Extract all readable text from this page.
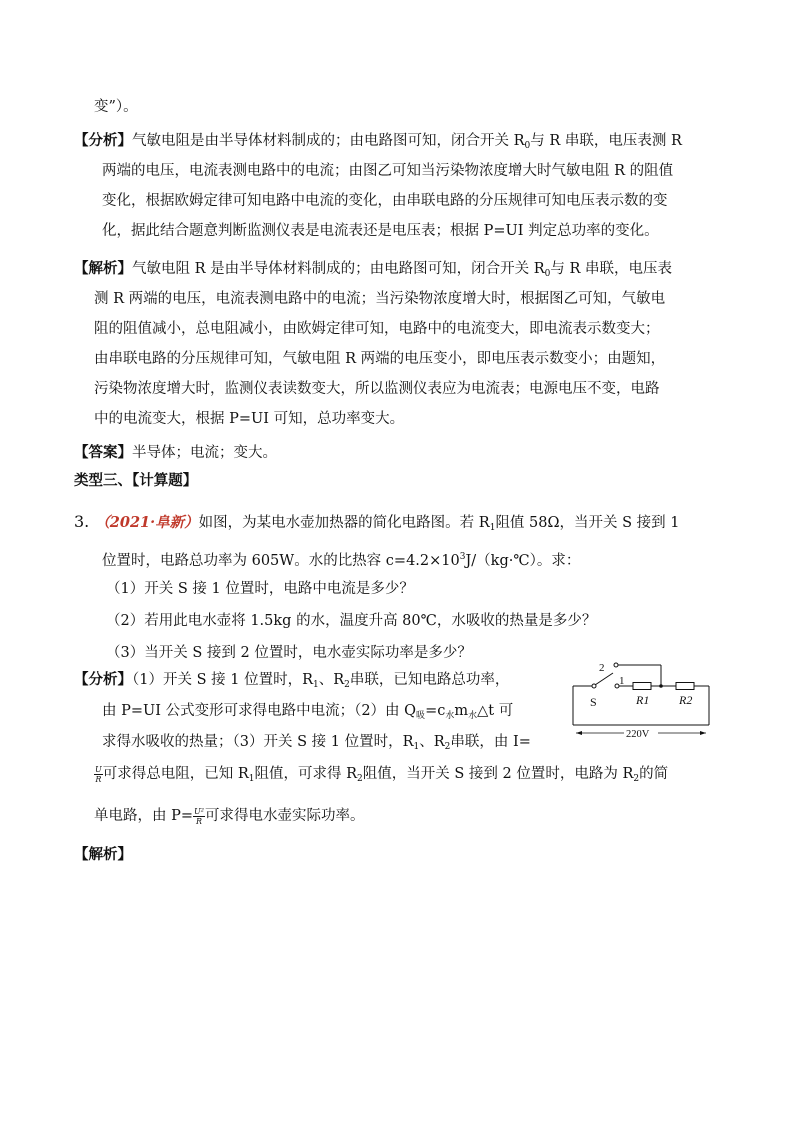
变”）。
【分析】气敏电阻是由半导体材料制成的；由电路图可知，闭合开关 $R_0$与 R 串联，电压表测 R
两端的电压，电流表测电路中的电流；由图乙可知当污染物浓度增大时气敏电阻 R 的阻值
变化，根据欧姆定律可知电路中电流的变化，由串联电路的分压规律可知电压表示数的变
化，据此结合题意判断监测仪表是电流表还是电压表；根据 P=UI 判定总功率的变化。
【解析】气敏电阻 R 是由半导体材料制成的；由电路图可知，闭合开关 $R_0$与 R 串联，电压表
测 R 两端的电压，电流表测电路中的电流；当污染物浓度增大时，根据图乙可知，气敏电
阻的阻值减小，总电阻减小，由欧姆定律可知，电路中的电流变大，即电流表示数变大；
由串联电路的分压规律可知，气敏电阻 R 两端的电压变小，即电压表示数变小；由题知，
污染物浓度增大时，监测仪表读数变大，所以监测仪表应为电流表；电源电压不变，电路
中的电流变大，根据 P=UI 可知，总功率变大。
【答案】半导体；电流；变大。
类型三、【计算题】
3. （2021·阜新）如图，为某电水壶加热器的简化电路图。若 $R_1$阻值 58Ω，当开关 S 接到 1
位置时，电路总功率为 605W。水的比热容 $c=4.2\times 10^3J/(kg\cdot℃)$。求：
（1）开关 S 接 1 位置时，电路中电流是多少？
（2）若用此电水壶将 1.5kg 的水，温度升高 80℃，水吸收的热量是多少？
（3）当开关 S 接到 2 位置时，电水壶实际功率是多少？
【分析】（1）开关 S 接 1 位置时，$R_1$、$R_2$串联，已知电路总功率，
由 P=UI 公式变形可求得电路中电流；（2）由 $Q_吸=c_水m_水\triangle t$ 可
求得水吸收的热量；（3）开关 S 接 1 位置时，$R_1$、$R_2$串联，由 I=
$\frac{U}{R}$ 可求得总电阻，已知 $R_1$阻值，可求得 $R_2$阻值，当开关 S 接到 2 位置时，电路为 $R_2$的简
单电路，由 $P= \frac{\text{U²}}{R}$ 可求得电水壶实际功率。
【解析】
2
1
S	R1 R2
220V
